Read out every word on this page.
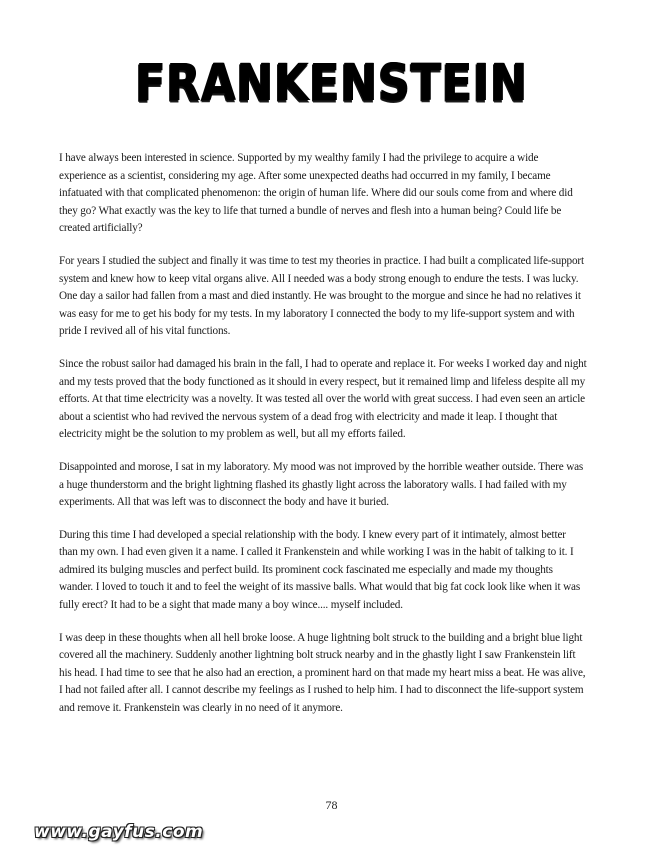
FRANKENSTEIN

I have always been interested in science. Supported by my wealthy family I had the privilege to acquire a wide experience as a scientist, considering my age. After some unexpected deaths had occurred in my family, I became infatuated with that complicated phenomenon: the origin of human life. Where did our souls come from and where did they go? What exactly was the key to life that turned a bundle of nerves and flesh into a human being? Could life be created artificially?

For years I studied the subject and finally it was time to test my theories in practice. I had built a complicated life-support system and knew how to keep vital organs alive. All I needed was a body strong enough to endure the tests. I was lucky. One day a sailor had fallen from a mast and died instantly. He was brought to the morgue and since he had no relatives it was easy for me to get his body for my tests. In my laboratory I connected the body to my life-support system and with pride I revived all of his vital functions.

Since the robust sailor had damaged his brain in the fall, I had to operate and replace it. For weeks I worked day and night and my tests proved that the body functioned as it should in every respect, but it remained limp and lifeless despite all my efforts. At that time electricity was a novelty. It was tested all over the world with great success. I had even seen an article about a scientist who had revived the nervous system of a dead frog with electricity and made it leap. I thought that electricity might be the solution to my problem as well, but all my efforts failed.

Disappointed and morose, I sat in my laboratory. My mood was not improved by the horrible weather outside. There was a huge thunderstorm and the bright lightning flashed its ghastly light across the laboratory walls. I had failed with my experiments. All that was left was to disconnect the body and have it buried.

During this time I had developed a special relationship with the body. I knew every part of it intimately, almost better than my own. I had even given it a name. I called it Frankenstein and while working I was in the habit of talking to it. I admired its bulging muscles and perfect build. Its prominent cock fascinated me especially and made my thoughts wander. I loved to touch it and to feel the weight of its massive balls. What would that big fat cock look like when it was fully erect? It had to be a sight that made many a boy wince.... myself included.

I was deep in these thoughts when all hell broke loose. A huge lightning bolt struck to the building and a bright blue light covered all the machinery. Suddenly another lightning bolt struck nearby and in the ghastly light I saw Frankenstein lift his head. I had time to see that he also had an erection, a prominent hard on that made my heart miss a beat. He was alive, I had not failed after all. I cannot describe my feelings as I rushed to help him. I had to disconnect the life-support system and remove it. Frankenstein was clearly in no need of it anymore.

78
www.gayfus.com
